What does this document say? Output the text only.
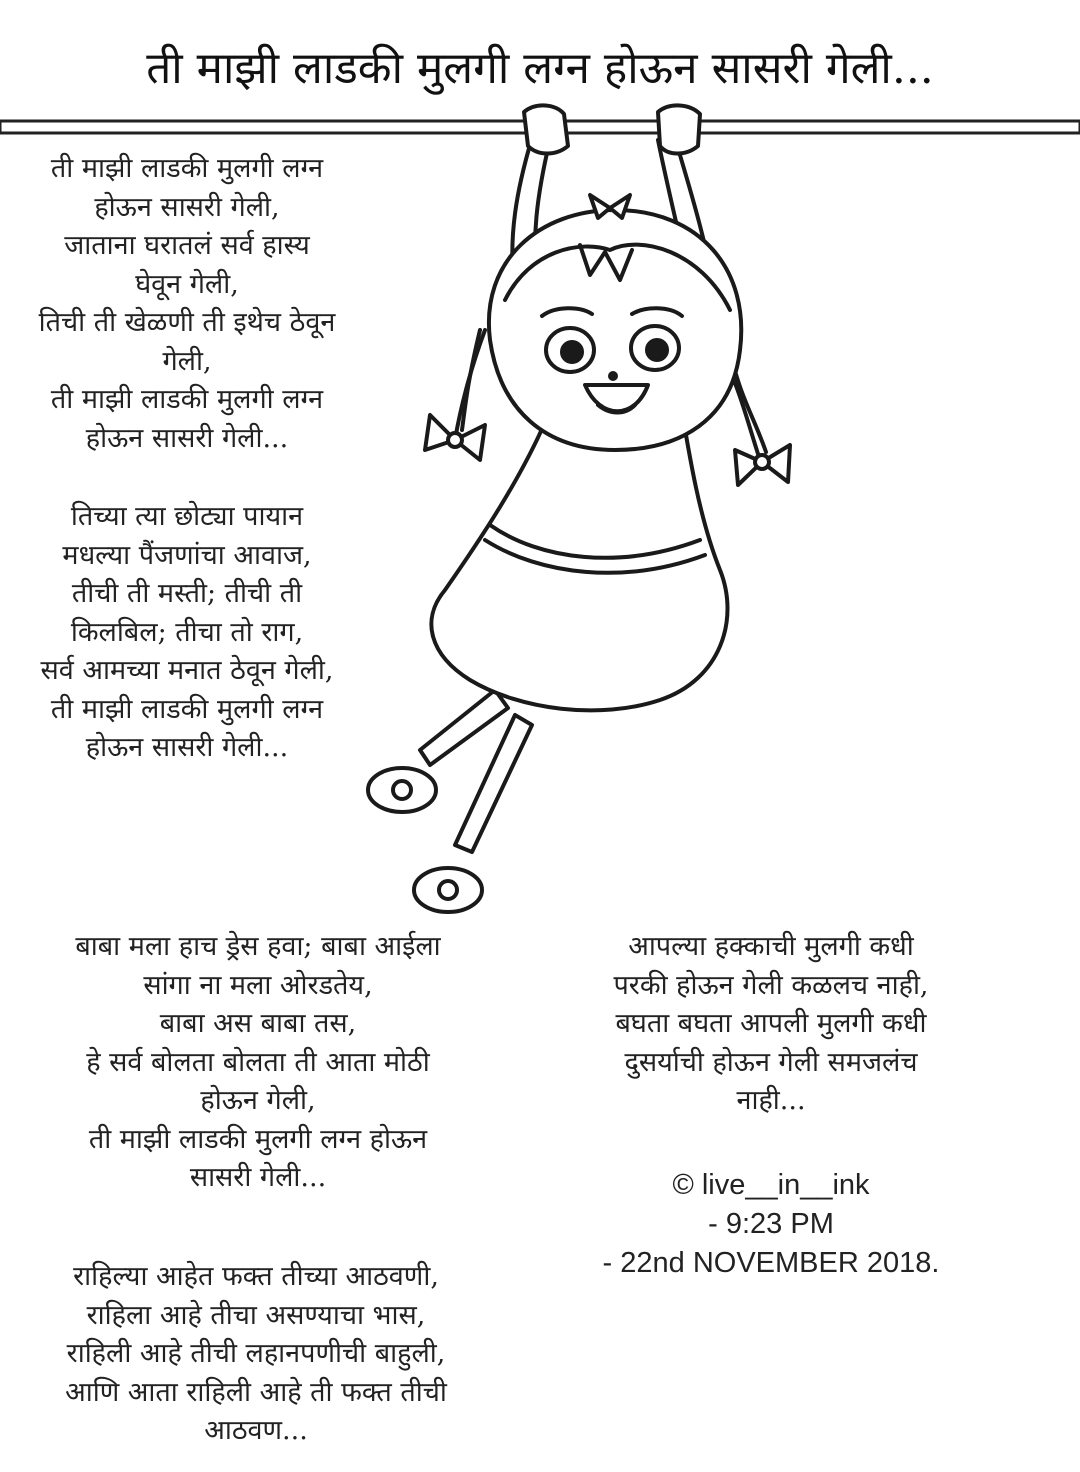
ती माझी लाडकी मुलगी लग्न होऊन सासरी गेली...
ती माझी लाडकी मुलगी लग्न
होऊन सासरी गेली,
जाताना घरातलं सर्व हास्य
घेवून गेली,
तिची ती खेळणी ती इथेच ठेवून
गेली,
ती माझी लाडकी मुलगी लग्न
होऊन सासरी गेली...
तिच्या त्या छोट्या पायान
मधल्या पैंजणांचा आवाज,
तीची ती मस्ती; तीची ती
किलबिल; तीचा तो राग,
सर्व आमच्या मनात ठेवून गेली,
ती माझी लाडकी मुलगी लग्न
होऊन सासरी गेली...
बाबा मला हाच ड्रेस हवा; बाबा आईला
सांगा ना मला ओरडतेय,
बाबा अस बाबा तस,
हे सर्व बोलता बोलता ती आता मोठी
होऊन गेली,
ती माझी लाडकी मुलगी लग्न होऊन
सासरी गेली...
राहिल्या आहेत फक्त तीच्या आठवणी,
राहिला आहे तीचा असण्याचा भास,
राहिली आहे तीची लहानपणीची बाहुली,
आणि आता राहिली आहे ती फक्त तीची
आठवण...
आपल्या हक्काची मुलगी कधी
परकी होऊन गेली कळलच नाही,
बघता बघता आपली मुलगी कधी
दुसर्याची होऊन गेली समजलंच
नाही...
© live__in__ink
- 9:23 PM
- 22nd NOVEMBER 2018.
